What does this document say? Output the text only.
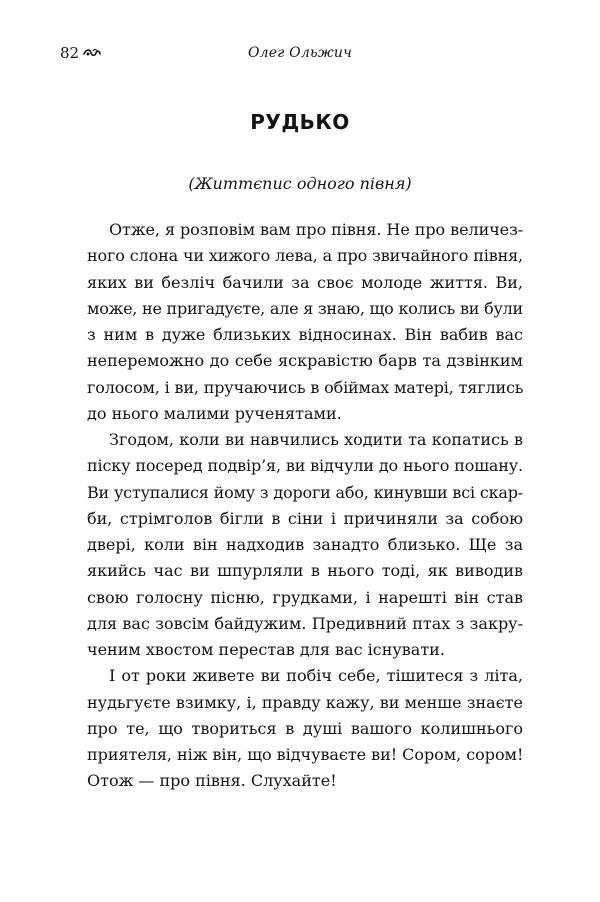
82	Олег Ольжич
РУДЬКО
(Життєпис одного півня)

Отже, я розповім вам про півня. Не про величез-
ного слона чи хижого лева, а про звичайного півня,
яких ви безліч бачили за своє молоде життя. Ви,
може, не пригадуєте, але я знаю, що колись ви були
з ним в дуже близьких відносинах. Він вабив вас
непереможно до себе яскравістю барв та дзвінким
голосом, і ви, пручаючись в обіймах матері, тяглись
до нього малими рученятами.

Згодом, коли ви навчились ходити та копатись в
піску посеред подвір’я, ви відчули до нього пошану.
Ви уступалися йому з дороги або, кинувши всі скар-
би, стрімголов бігли в сіни і причиняли за собою
двері, коли він надходив занадто близько. Ще за
якийсь час ви шпурляли в нього тоді, як виводив
свою голосну пісню, грудками, і нарешті він став
для вас зовсім байдужим. Предивний птах з закру-
ченим хвостом перестав для вас існувати.

І от роки живете ви побіч себе, тішитеся з літа,
нудьгуєте взимку, і, правду кажу, ви менше знаєте
про те, що твориться в душі вашого колишнього
приятеля, ніж він, що відчуваєте ви! Сором, сором!
Отож — про півня. Слухайте!
